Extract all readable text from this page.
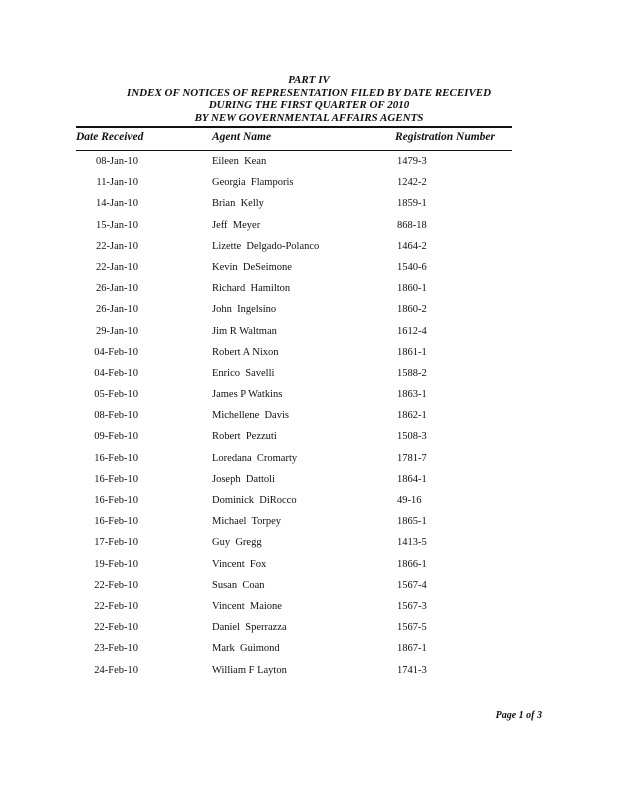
PART IV
INDEX OF NOTICES OF REPRESENTATION FILED BY DATE RECEIVED
DURING THE FIRST QUARTER OF 2010
BY NEW GOVERNMENTAL AFFAIRS AGENTS
Date Received	Agent Name	Registration Number
08-Jan-10	Eileen  Kean	1479-3
11-Jan-10	Georgia  Flamporis	1242-2
14-Jan-10	Brian  Kelly	1859-1
15-Jan-10	Jeff  Meyer	868-18
22-Jan-10	Lizette  Delgado-Polanco	1464-2
22-Jan-10	Kevin  DeSeimone	1540-6
26-Jan-10	Richard  Hamilton	1860-1
26-Jan-10	John  Ingelsino	1860-2
29-Jan-10	Jim R Waltman	1612-4
04-Feb-10	Robert A Nixon	1861-1
04-Feb-10	Enrico  Savelli	1588-2
05-Feb-10	James P Watkins	1863-1
08-Feb-10	Michellene  Davis	1862-1
09-Feb-10	Robert  Pezzuti	1508-3
16-Feb-10	Loredana  Cromarty	1781-7
16-Feb-10	Joseph  Dattoli	1864-1
16-Feb-10	Dominick  DiRocco	49-16
16-Feb-10	Michael  Torpey	1865-1
17-Feb-10	Guy  Gregg	1413-5
19-Feb-10	Vincent  Fox	1866-1
22-Feb-10	Susan  Coan	1567-4
22-Feb-10	Vincent  Maione	1567-3
22-Feb-10	Daniel  Sperrazza	1567-5
23-Feb-10	Mark  Guimond	1867-1
24-Feb-10	William F Layton	1741-3
Page 1 of 3
